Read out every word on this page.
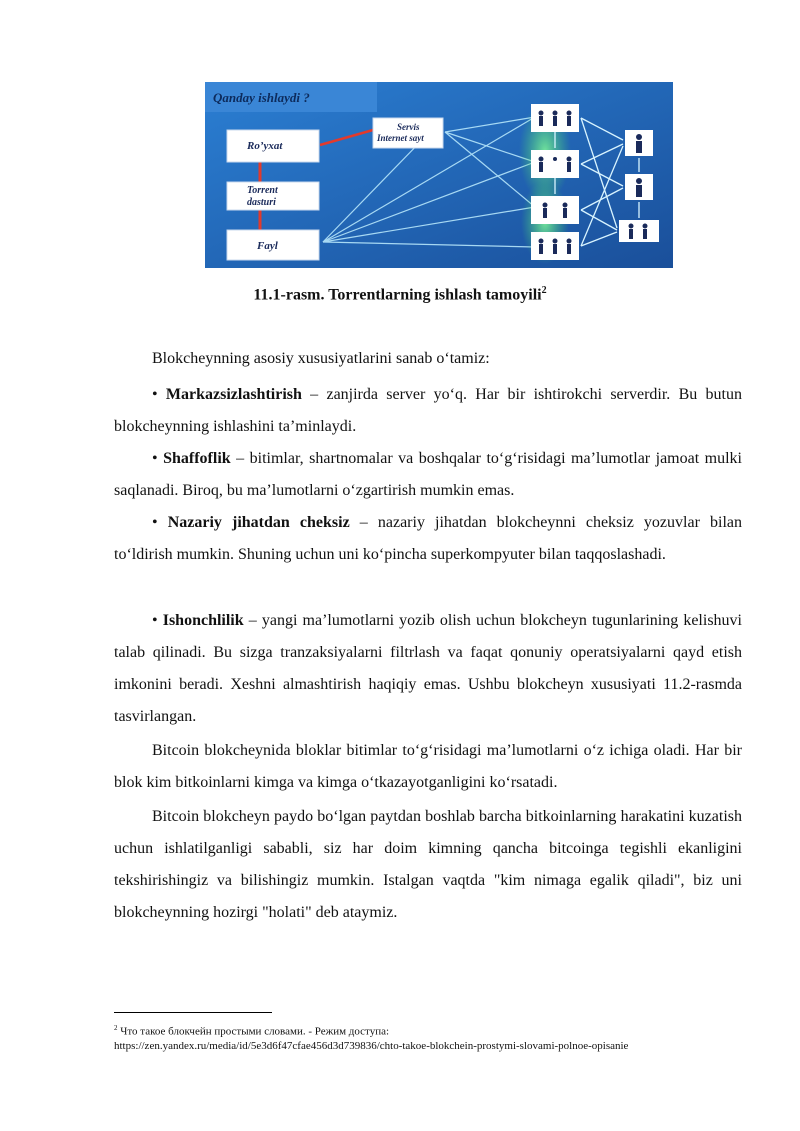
Qanday ishlaydi ?
Ro’yxat
Torrent
dasturi
Fayl
Servis
Internet sayt
11.1-rasm. Torrentlarning ishlash tamoyili$^2$

Blokcheynning asosiy xususiyatlarini sanab o‘tamiz:

• Markazsizlashtirish – zanjirda server yo‘q. Har bir ishtirokchi serverdir. Bu butun blokcheynning ishlashini ta’minlaydi.

• Shaffoflik – bitimlar, shartnomalar va boshqalar to‘g‘risidagi ma’lumotlar jamoat mulki saqlanadi. Biroq, bu ma’lumotlarni o‘zgartirish mumkin emas.

• Nazariy jihatdan cheksiz – nazariy jihatdan blokcheynni cheksiz yozuvlar bilan to‘ldirish mumkin. Shuning uchun uni ko‘pincha superkompyuter bilan taqqoslashadi.

• Ishonchlilik – yangi ma’lumotlarni yozib olish uchun blokcheyn tugunlarining kelishuvi talab qilinadi. Bu sizga tranzaksiyalarni filtrlash va faqat qonuniy operatsiyalarni qayd etish imkonini beradi. Xeshni almashtirish haqiqiy emas. Ushbu blokcheyn xususiyati 11.2-rasmda tasvirlangan.

Bitcoin blokcheynida bloklar bitimlar to‘g‘risidagi ma’lumotlarni o‘z ichiga oladi. Har bir blok kim bitkoinlarni kimga va kimga o‘tkazayotganligini ko‘rsatadi.

Bitcoin blokcheyn paydo bo‘lgan paytdan boshlab barcha bitkoinlarning harakatini kuzatish uchun ishlatilganligi sababli, siz har doim kimning qancha bitcoinga tegishli ekanligini tekshirishingiz va bilishingiz mumkin. Istalgan vaqtda "kim nimaga egalik qiladi", biz uni blokcheynning hozirgi "holati" deb ataymiz.

$^2$ Что такое блокчейн простыми словами. - Режим доступа:

https://zen.yandex.ru/media/id/5e3d6f47cfae456d3d739836/chto-takoe-blokchein-prostymi-slovami-polnoe-opisanie
